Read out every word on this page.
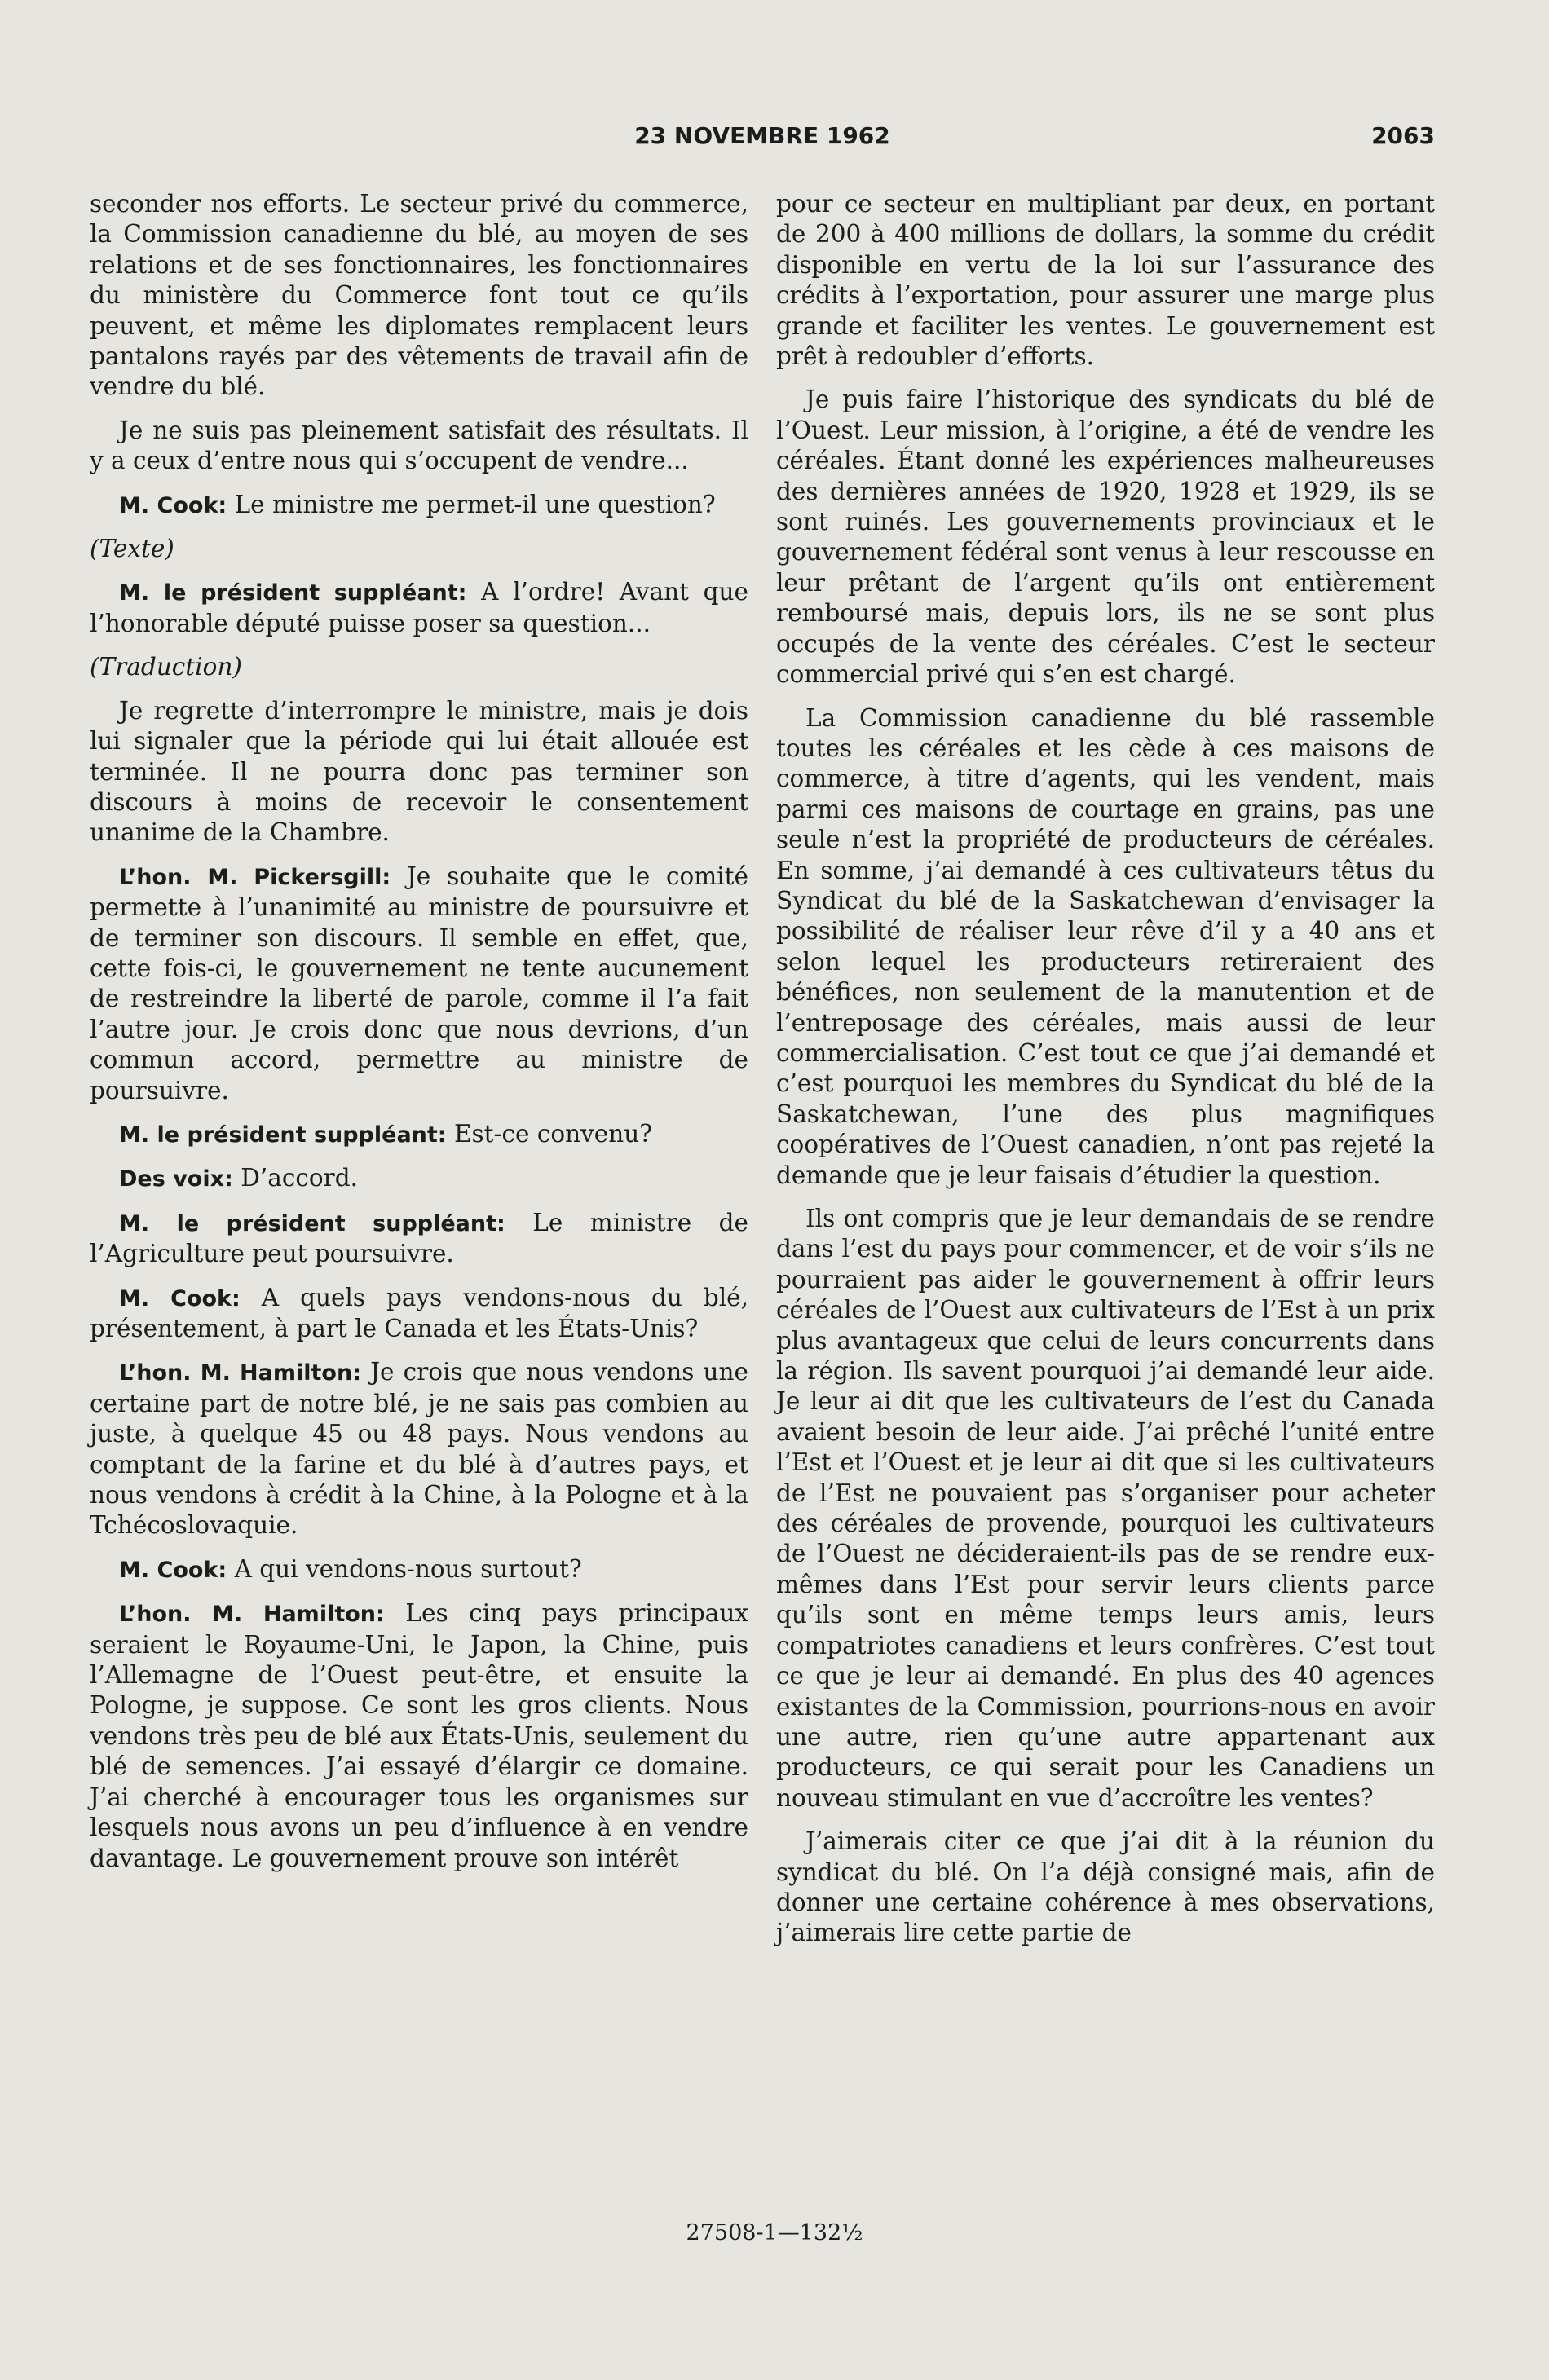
23 NOVEMBRE 1962	2063

seconder nos efforts. Le secteur privé du commerce, la Commission canadienne du blé, au moyen de ses relations et de ses fonctionnaires, les fonctionnaires du ministère du Commerce font tout ce qu’ils peuvent, et même les diplomates remplacent leurs pantalons rayés par des vêtements de travail afin de vendre du blé.

Je ne suis pas pleinement satisfait des résultats. Il y a ceux d’entre nous qui s’occupent de vendre...

M. Cook: Le ministre me permet-il une question?

(Texte)

M. le président suppléant: A l’ordre! Avant que l’honorable député puisse poser sa question...

(Traduction)

Je regrette d’interrompre le ministre, mais je dois lui signaler que la période qui lui était allouée est terminée. Il ne pourra donc pas terminer son discours à moins de recevoir le consentement unanime de la Chambre.

L’hon. M. Pickersgill: Je souhaite que le comité permette à l’unanimité au ministre de poursuivre et de terminer son discours. Il semble en effet, que, cette fois-ci, le gouvernement ne tente aucunement de restreindre la liberté de parole, comme il l’a fait l’autre jour. Je crois donc que nous devrions, d’un commun accord, permettre au ministre de poursuivre.

M. le président suppléant: Est-ce convenu?

Des voix: D’accord.

M. le président suppléant: Le ministre de l’Agriculture peut poursuivre.

M. Cook: A quels pays vendons-nous du blé, présentement, à part le Canada et les États-Unis?

L’hon. M. Hamilton: Je crois que nous vendons une certaine part de notre blé, je ne sais pas combien au juste, à quelque 45 ou 48 pays. Nous vendons au comptant de la farine et du blé à d’autres pays, et nous vendons à crédit à la Chine, à la Pologne et à la Tchécoslovaquie.

M. Cook: A qui vendons-nous surtout?

L’hon. M. Hamilton: Les cinq pays principaux seraient le Royaume-Uni, le Japon, la Chine, puis l’Allemagne de l’Ouest peut-être, et ensuite la Pologne, je suppose. Ce sont les gros clients. Nous vendons très peu de blé aux États-Unis, seulement du blé de semences. J’ai essayé d’élargir ce domaine. J’ai cherché à encourager tous les organismes sur lesquels nous avons un peu d’influence à en vendre davantage. Le gouvernement prouve son intérêt

pour ce secteur en multipliant par deux, en portant de 200 à 400 millions de dollars, la somme du crédit disponible en vertu de la loi sur l’assurance des crédits à l’exportation, pour assurer une marge plus grande et faciliter les ventes. Le gouvernement est prêt à redoubler d’efforts.

Je puis faire l’historique des syndicats du blé de l’Ouest. Leur mission, à l’origine, a été de vendre les céréales. Étant donné les expériences malheureuses des dernières années de 1920, 1928 et 1929, ils se sont ruinés. Les gouvernements provinciaux et le gouvernement fédéral sont venus à leur rescousse en leur prêtant de l’argent qu’ils ont entièrement remboursé mais, depuis lors, ils ne se sont plus occupés de la vente des céréales. C’est le secteur commercial privé qui s’en est chargé.

La Commission canadienne du blé rassemble toutes les céréales et les cède à ces maisons de commerce, à titre d’agents, qui les vendent, mais parmi ces maisons de courtage en grains, pas une seule n’est la propriété de producteurs de céréales. En somme, j’ai demandé à ces cultivateurs têtus du Syndicat du blé de la Saskatchewan d’envisager la possibilité de réaliser leur rêve d’il y a 40 ans et selon lequel les producteurs retireraient des bénéfices, non seulement de la manutention et de l’entreposage des céréales, mais aussi de leur commercialisation. C’est tout ce que j’ai demandé et c’est pourquoi les membres du Syndicat du blé de la Saskatchewan, l’une des plus magnifiques coopératives de l’Ouest canadien, n’ont pas rejeté la demande que je leur faisais d’étudier la question.

Ils ont compris que je leur demandais de se rendre dans l’est du pays pour commencer, et de voir s’ils ne pourraient pas aider le gouvernement à offrir leurs céréales de l’Ouest aux cultivateurs de l’Est à un prix plus avantageux que celui de leurs concurrents dans la région. Ils savent pourquoi j’ai demandé leur aide. Je leur ai dit que les cultivateurs de l’est du Canada avaient besoin de leur aide. J’ai prêché l’unité entre l’Est et l’Ouest et je leur ai dit que si les cultivateurs de l’Est ne pouvaient pas s’organiser pour acheter des céréales de provende, pourquoi les cultivateurs de l’Ouest ne décideraient-ils pas de se rendre eux-mêmes dans l’Est pour servir leurs clients parce qu’ils sont en même temps leurs amis, leurs compatriotes canadiens et leurs confrères. C’est tout ce que je leur ai demandé. En plus des 40 agences existantes de la Commission, pourrions-nous en avoir une autre, rien qu’une autre appartenant aux producteurs, ce qui serait pour les Canadiens un nouveau stimulant en vue d’accroître les ventes?

J’aimerais citer ce que j’ai dit à la réunion du syndicat du blé. On l’a déjà consigné mais, afin de donner une certaine cohérence à mes observations, j’aimerais lire cette partie de

27508-1—132½
